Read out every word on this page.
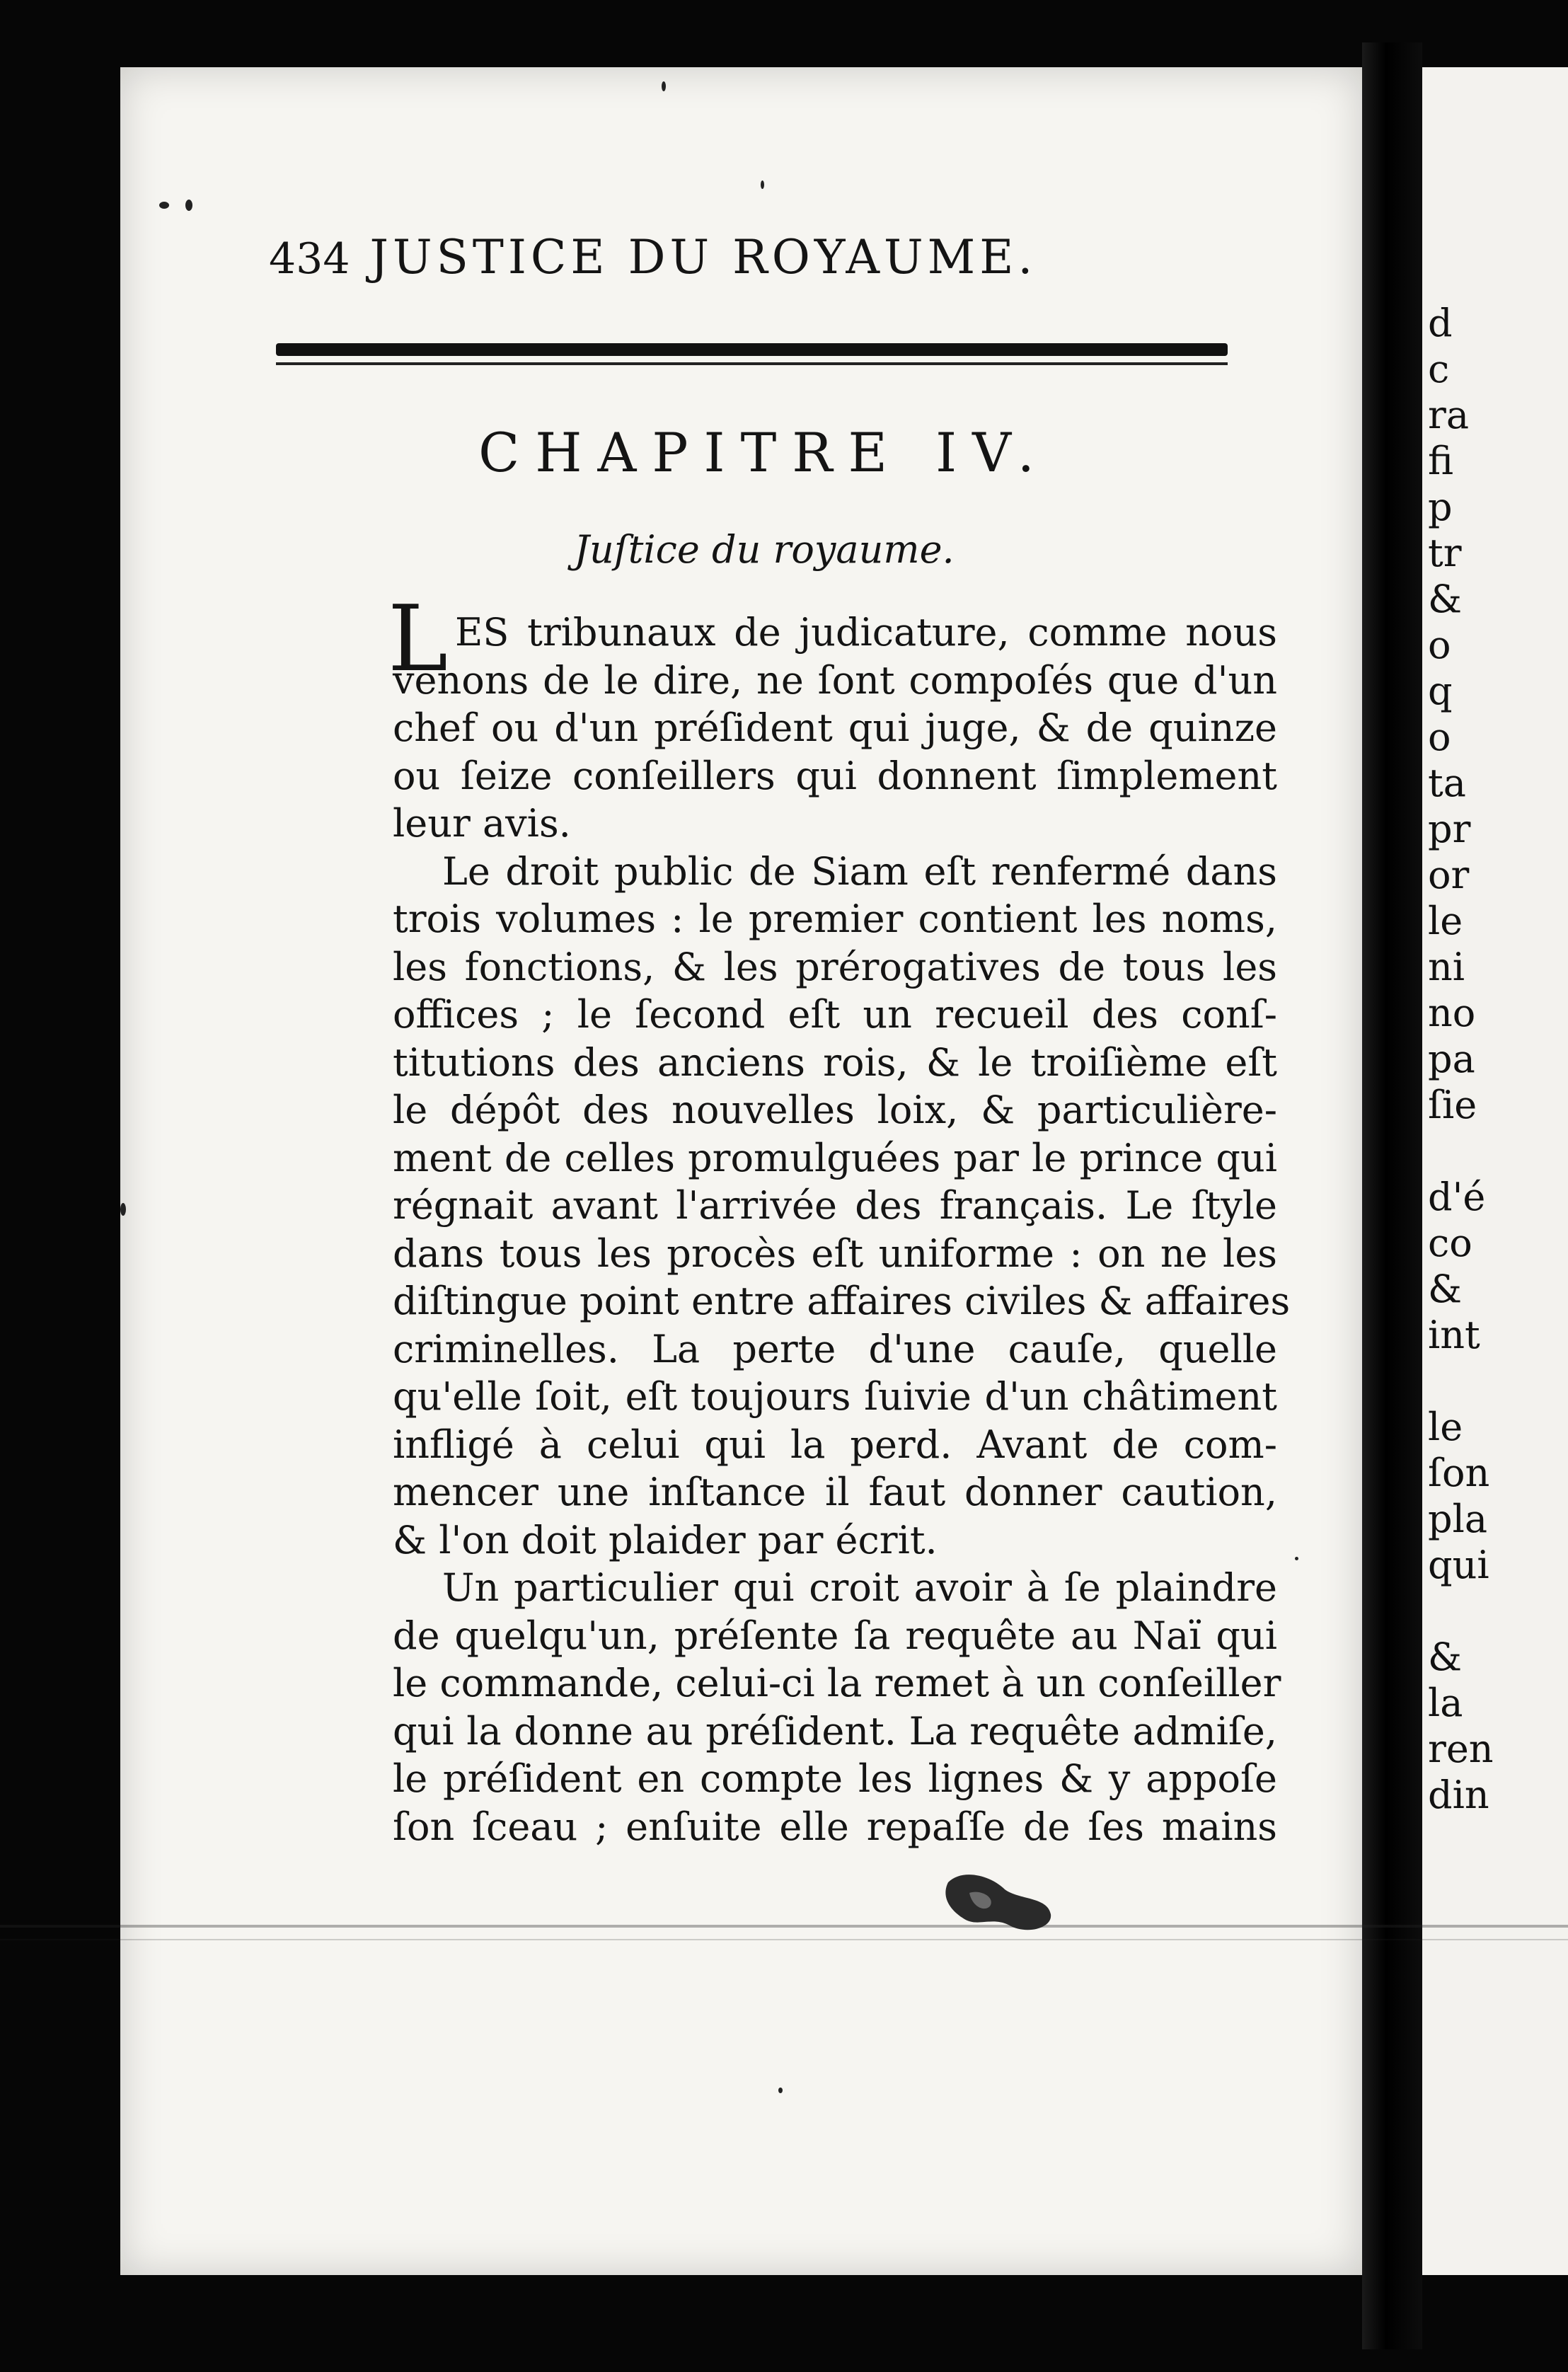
d
c
ra
fi
p
tr
&
o
q
o
ta
pr
or
le
ni
no
pa
ſie
d'é
co
&
int
le
ſon
pla
qui
&
la
ren
din
434 JUSTICE DU ROYAUME.
CHAPITRE IV.
Juſtice du royaume.
L ES tribunaux de judicature, comme nous
venons de le dire, ne ſont compoſés que d'un
chef ou d'un préſident qui juge, & de quinze
ou ſeize conſeillers qui donnent ſimplement
leur avis.
Le droit public de Siam eſt renfermé dans
trois volumes : le premier contient les noms,
les fonctions, & les prérogatives de tous les
offices ; le ſecond eſt un recueil des conſ-
titutions des anciens rois, & le troiſième eſt
le dépôt des nouvelles loix, & particulière-
ment de celles promulguées par le prince qui
régnait avant l'arrivée des français. Le ſtyle
dans tous les procès eſt uniforme : on ne les
diſtingue point entre affaires civiles & affaires
criminelles. La perte d'une cauſe, quelle
qu'elle ſoit, eſt toujours ſuivie d'un châtiment
infligé à celui qui la perd. Avant de com-
mencer une inſtance il faut donner caution,
& l'on doit plaider par écrit.
Un particulier qui croit avoir à ſe plaindre
de quelqu'un, préſente ſa requête au Naï qui
le commande, celui-ci la remet à un conſeiller
qui la donne au préſident. La requête admiſe,
le préſident en compte les lignes & y appoſe
ſon ſceau ; enſuite elle repaſſe de ſes mains
